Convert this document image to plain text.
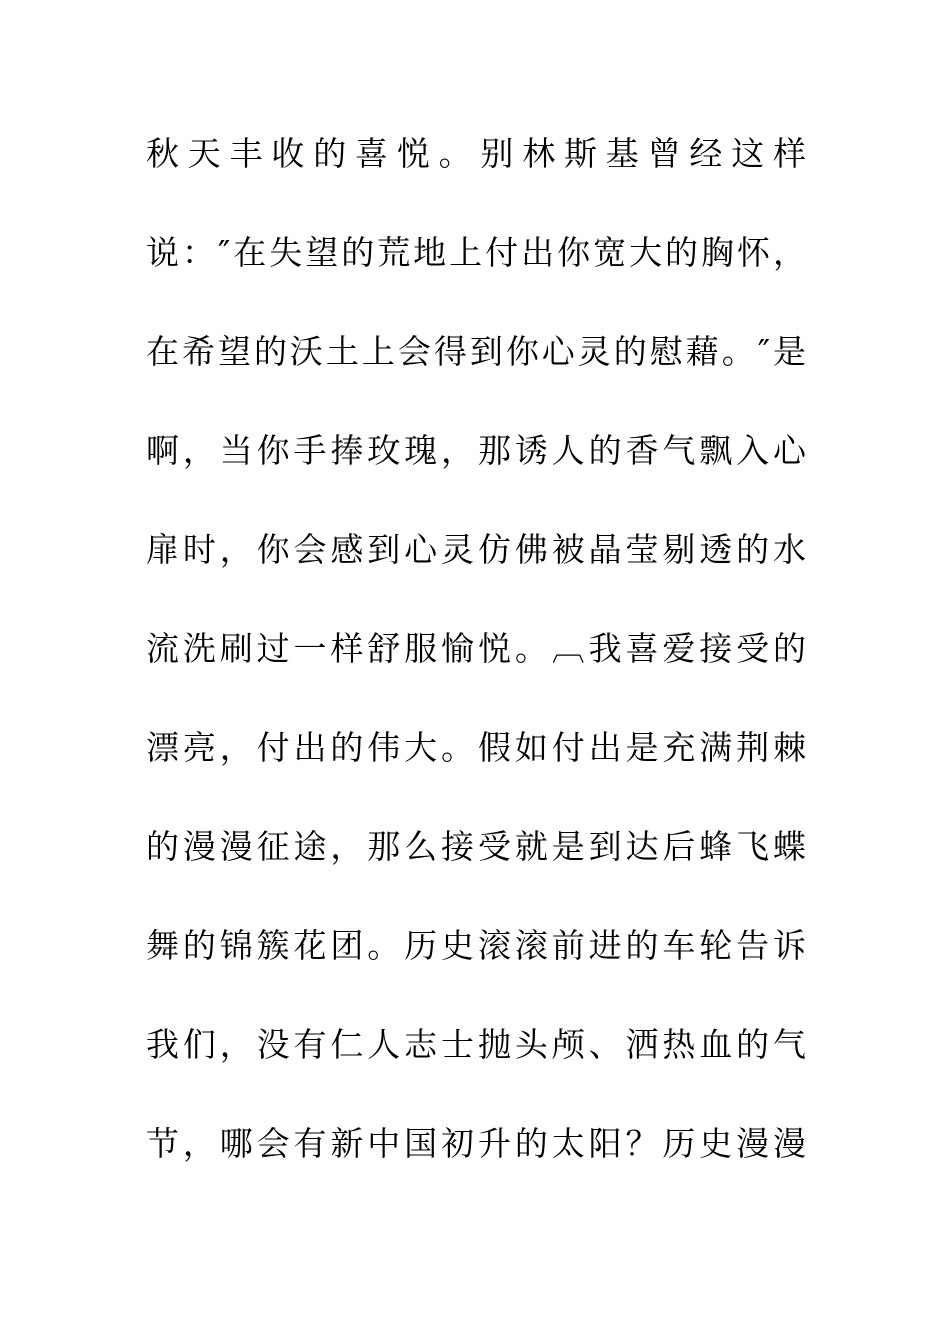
秋天丰收的喜悦。别林斯基曾经这样
说：″在失望的荒地上付出你宽大的胸怀，
在希望的沃土上会得到你心灵的慰藉。″是
啊，当你手捧玫瑰，那诱人的香气飘入心
扉时，你会感到心灵仿佛被晶莹剔透的水
流洗刷过一样舒服愉悦。︹我喜爱接受的
漂亮，付出的伟大。假如付出是充满荆棘
的漫漫征途，那么接受就是到达后蜂飞蝶
舞的锦簇花团。历史滚滚前进的车轮告诉
我们，没有仁人志士抛头颅、洒热血的气
节，哪会有新中国初升的太阳？历史漫漫
